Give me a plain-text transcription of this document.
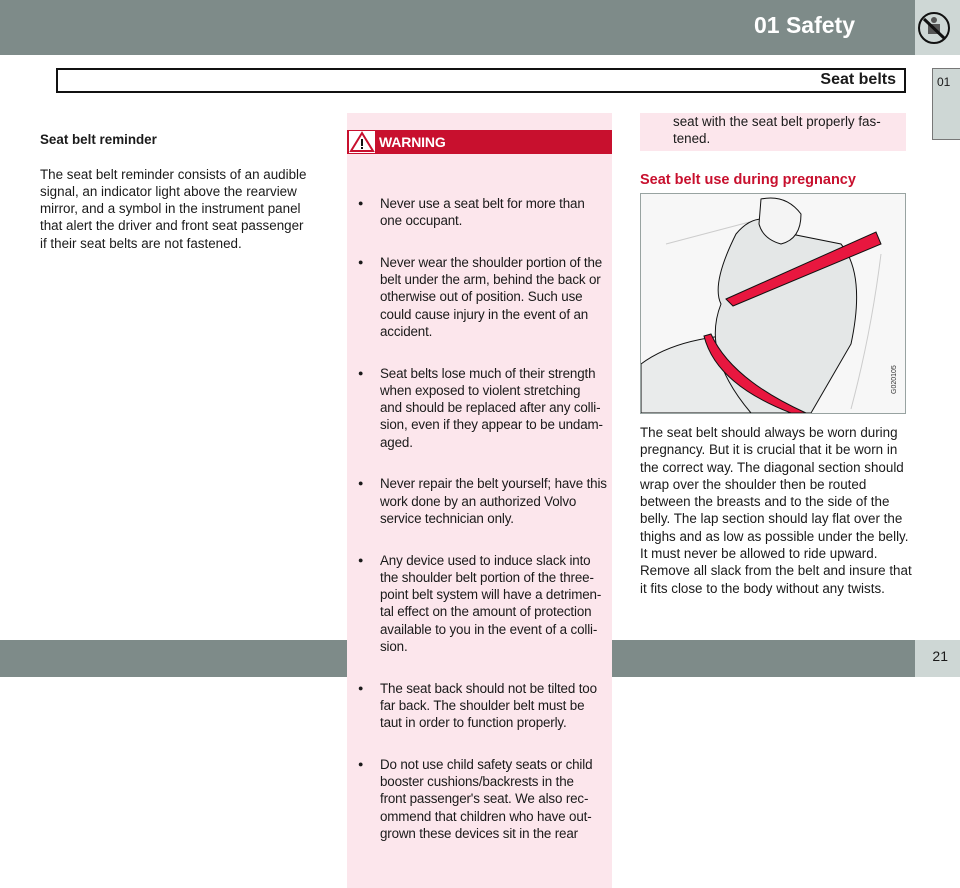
01 Safety
Seat belts	01

Seat belt reminder

The seat belt reminder consists of an audible
signal, an indicator light above the rearview
mirror, and a symbol in the instrument panel
that alert the driver and front seat passenger
if their seat belts are not fastened.

WARNING

● Never use a seat belt for more than
one occupant.

● Never wear the shoulder portion of the
belt under the arm, behind the back or
otherwise out of position. Such use
could cause injury in the event of an
accident.

● Seat belts lose much of their strength
when exposed to violent stretching
and should be replaced after any colli-
sion, even if they appear to be undam-
aged.

● Never repair the belt yourself; have this
work done by an authorized Volvo
service technician only.

● Any device used to induce slack into
the shoulder belt portion of the three-
point belt system will have a detrimen-
tal effect on the amount of protection
available to you in the event of a colli-
sion.

● The seat back should not be tilted too
far back. The shoulder belt must be
taut in order to function properly.

● Do not use child safety seats or child
booster cushions/backrests in the
front passenger's seat. We also rec-
ommend that children who have out-
grown these devices sit in the rear

seat with the seat belt properly fas-
tened.
Seat belt use during pregnancy
G020105
The seat belt should always be worn during
pregnancy. But it is crucial that it be worn in
the correct way. The diagonal section should
wrap over the shoulder then be routed
between the breasts and to the side of the
belly. The lap section should lay flat over the
thighs and as low as possible under the belly.
It must never be allowed to ride upward.
Remove all slack from the belt and insure that
it fits close to the body without any twists.
21
